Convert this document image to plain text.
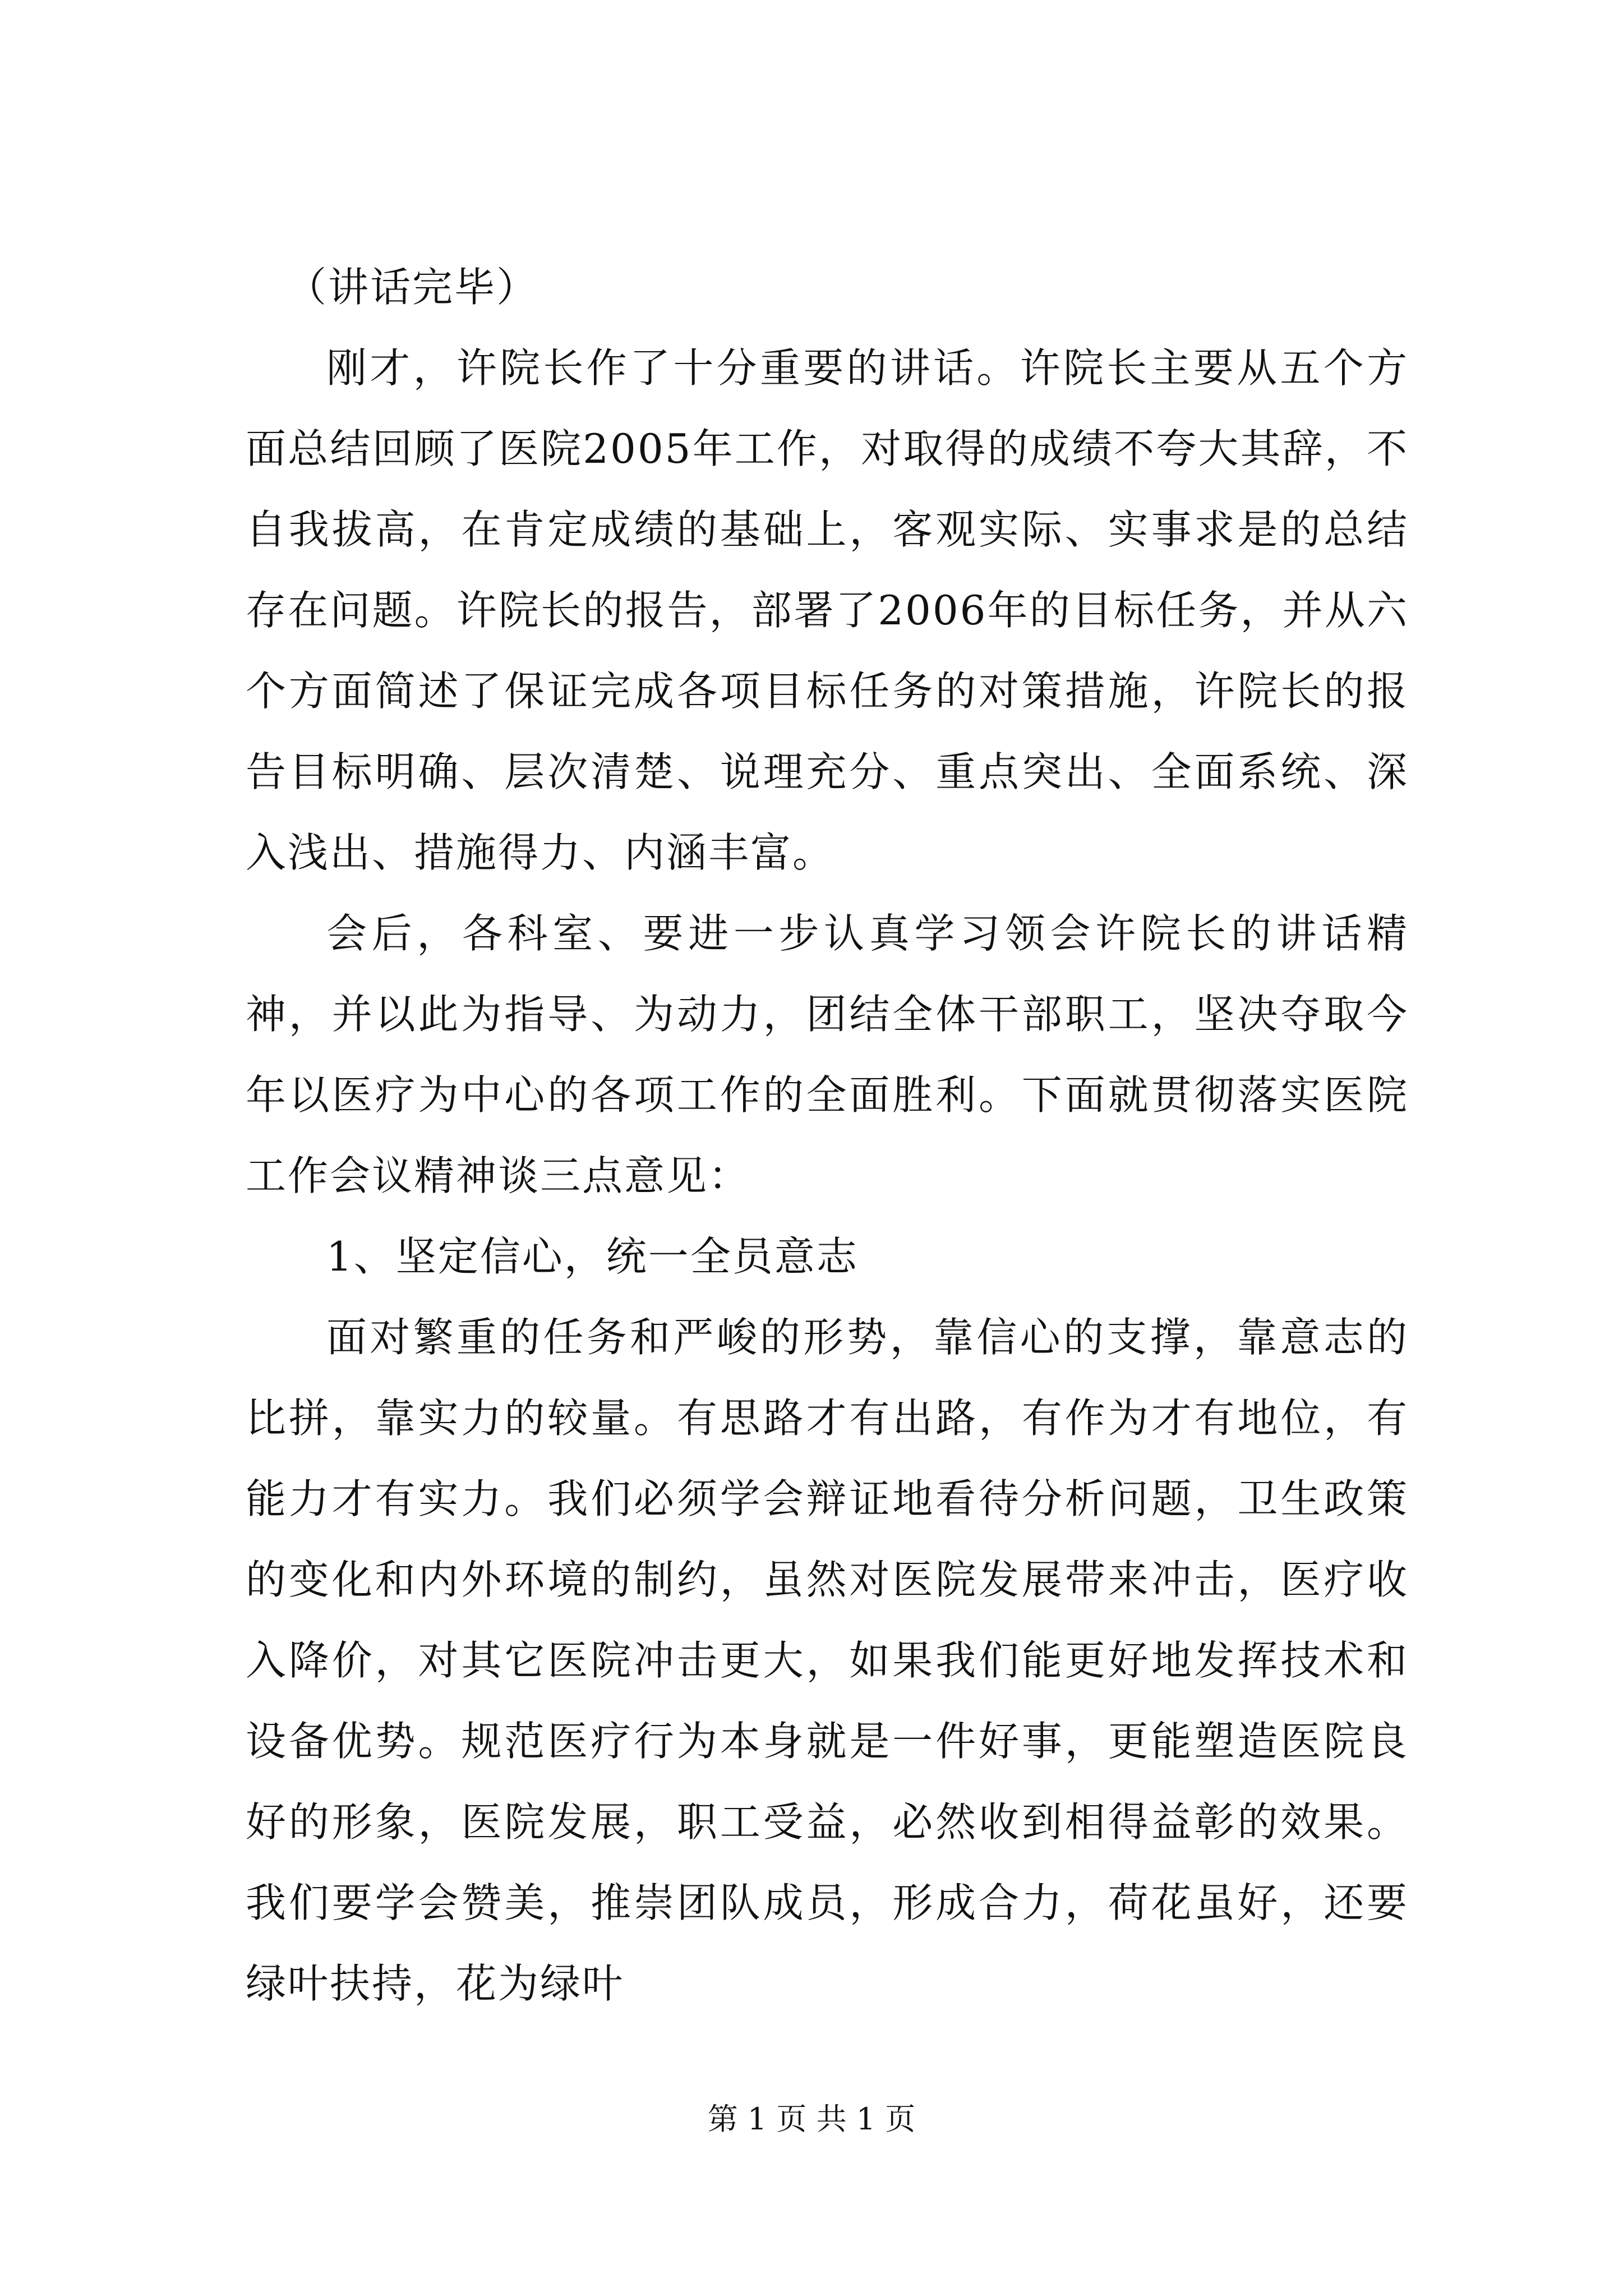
（讲话完毕）

刚才，许院长作了十分重要的讲话。许院长主要从五个方面总结回顾了医院2005年工作，对取得的成绩不夸大其辞，不自我拔高，在肯定成绩的基础上，客观实际、实事求是的总结存在问题。许院长的报告，部署了2006年的目标任务，并从六个方面简述了保证完成各项目标任务的对策措施，许院长的报告目标明确、层次清楚、说理充分、重点突出、全面系统、深入浅出、措施得力、内涵丰富。

会后，各科室、要进一步认真学习领会许院长的讲话精神，并以此为指导、为动力，团结全体干部职工，坚决夺取今年以医疗为中心的各项工作的全面胜利。下面就贯彻落实医院工作会议精神谈三点意见：

1、坚定信心，统一全员意志

面对繁重的任务和严峻的形势，靠信心的支撑，靠意志的比拼，靠实力的较量。有思路才有出路，有作为才有地位，有能力才有实力。我们必须学会辩证地看待分析问题，卫生政策的变化和内外环境的制约，虽然对医院发展带来冲击，医疗收入降价，对其它医院冲击更大，如果我们能更好地发挥技术和设备优势。规范医疗行为本身就是一件好事，更能塑造医院良好的形象，医院发展，职工受益，必然收到相得益彰的效果。我们要学会赞美，推崇团队成员，形成合力，荷花虽好，还要绿叶扶持，花为绿叶

第 1 页 共 1 页
